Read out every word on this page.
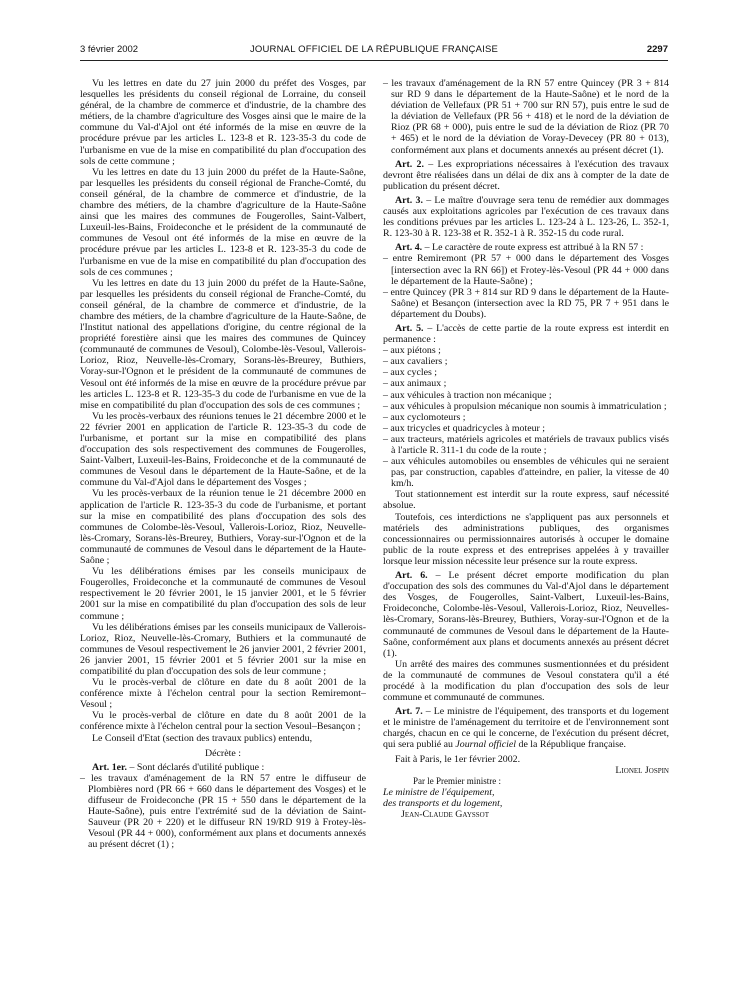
3 février 2002	JOURNAL OFFICIEL DE LA RÉPUBLIQUE FRANÇAISE	2297

Vu les lettres en date du 27 juin 2000 du préfet des Vosges, par lesquelles les présidents du conseil régional de Lorraine, du conseil général, de la chambre de commerce et d'industrie, de la chambre des métiers, de la chambre d'agriculture des Vosges ainsi que le maire de la commune du Val-d'Ajol ont été informés de la mise en œuvre de la procédure prévue par les articles L. 123-8 et R. 123-35-3 du code de l'urbanisme en vue de la mise en compatibilité du plan d'occupation des sols de cette commune ;

Vu les lettres en date du 13 juin 2000 du préfet de la Haute-Saône, par lesquelles les présidents du conseil régional de Franche-Comté, du conseil général, de la chambre de commerce et d'industrie, de la chambre des métiers, de la chambre d'agriculture de la Haute-Saône ainsi que les maires des communes de Fougerolles, Saint-Valbert, Luxeuil-les-Bains, Froideconche et le président de la communauté de communes de Vesoul ont été informés de la mise en œuvre de la procédure prévue par les articles L. 123-8 et R. 123-35-3 du code de l'urbanisme en vue de la mise en compatibilité du plan d'occupation des sols de ces communes ;

Vu les lettres en date du 13 juin 2000 du préfet de la Haute-Saône, par lesquelles les présidents du conseil régional de Franche-Comté, du conseil général, de la chambre de commerce et d'industrie, de la chambre des métiers, de la chambre d'agriculture de la Haute-Saône, de l'Institut national des appellations d'origine, du centre régional de la propriété forestière ainsi que les maires des communes de Quincey (communauté de communes de Vesoul), Colombe-lès-Vesoul, Vallerois-Lorioz, Rioz, Neuvelle-lès-Cromary, Sorans-lès-Breurey, Buthiers, Voray-sur-l'Ognon et le président de la communauté de communes de Vesoul ont été informés de la mise en œuvre de la procédure prévue par les articles L. 123-8 et R. 123-35-3 du code de l'urbanisme en vue de la mise en compatibilité du plan d'occupation des sols de ces communes ;

Vu les procès-verbaux des réunions tenues le 21 décembre 2000 et le 22 février 2001 en application de l'article R. 123-35-3 du code de l'urbanisme, et portant sur la mise en compatibilité des plans d'occupation des sols respectivement des communes de Fougerolles, Saint-Valbert, Luxeuil-les-Bains, Froideconche et de la communauté de communes de Vesoul dans le département de la Haute-Saône, et de la commune du Val-d'Ajol dans le département des Vosges ;

Vu les procès-verbaux de la réunion tenue le 21 décembre 2000 en application de l'article R. 123-35-3 du code de l'urbanisme, et portant sur la mise en compatibilité des plans d'occupation des sols des communes de Colombe-lès-Vesoul, Vallerois-Lorioz, Rioz, Neuvelle-lès-Cromary, Sorans-lès-Breurey, Buthiers, Voray-sur-l'Ognon et de la communauté de communes de Vesoul dans le département de la Haute-Saône ;

Vu les délibérations émises par les conseils municipaux de Fougerolles, Froideconche et la communauté de communes de Vesoul respectivement le 20 février 2001, le 15 janvier 2001, et le 5 février 2001 sur la mise en compatibilité du plan d'occupation des sols de leur commune ;

Vu les délibérations émises par les conseils municipaux de Vallerois-Lorioz, Rioz, Neuvelle-lès-Cromary, Buthiers et la communauté de communes de Vesoul respectivement le 26 janvier 2001, 2 février 2001, 26 janvier 2001, 15 février 2001 et 5 février 2001 sur la mise en compatibilité du plan d'occupation des sols de leur commune ;

Vu le procès-verbal de clôture en date du 8 août 2001 de la conférence mixte à l'échelon central pour la section Remiremont–Vesoul ;

Vu le procès-verbal de clôture en date du 8 août 2001 de la conférence mixte à l'échelon central pour la section Vesoul–Besançon ;

Le Conseil d'Etat (section des travaux publics) entendu,

Décrète :

Art. 1er. – Sont déclarés d'utilité publique :

– les travaux d'aménagement de la RN 57 entre le diffuseur de Plombières nord (PR 66 + 660 dans le département des Vosges) et le diffuseur de Froideconche (PR 15 + 550 dans le département de la Haute-Saône), puis entre l'extrémité sud de la déviation de Saint-Sauveur (PR 20 + 220) et le diffuseur RN 19/RD 919 à Frotey-lès-Vesoul (PR 44 + 000), conformément aux plans et documents annexés au présent décret (1) ;

– les travaux d'aménagement de la RN 57 entre Quincey (PR 3 + 814 sur RD 9 dans le département de la Haute-Saône) et le nord de la déviation de Vellefaux (PR 51 + 700 sur RN 57), puis entre le sud de la déviation de Vellefaux (PR 56 + 418) et le nord de la déviation de Rioz (PR 68 + 000), puis entre le sud de la déviation de Rioz (PR 70 + 465) et le nord de la déviation de Voray-Devecey (PR 80 + 013), conformément aux plans et documents annexés au présent décret (1).

Art. 2. – Les expropriations nécessaires à l'exécution des travaux devront être réalisées dans un délai de dix ans à compter de la date de publication du présent décret.

Art. 3. – Le maître d'ouvrage sera tenu de remédier aux dommages causés aux exploitations agricoles par l'exécution de ces travaux dans les conditions prévues par les articles L. 123-24 à L. 123-26, L. 352-1, R. 123-30 à R. 123-38 et R. 352-1 à R. 352-15 du code rural.

Art. 4. – Le caractère de route express est attribué à la RN 57 :

– entre Remiremont (PR 57 + 000 dans le département des Vosges [intersection avec la RN 66]) et Frotey-lès-Vesoul (PR 44 + 000 dans le département de la Haute-Saône) ;

– entre Quincey (PR 3 + 814 sur RD 9 dans le département de la Haute-Saône) et Besançon (intersection avec la RD 75, PR 7 + 951 dans le département du Doubs).

Art. 5. – L'accès de cette partie de la route express est interdit en permanence :

– aux piétons ;

– aux cavaliers ;

– aux cycles ;

– aux animaux ;

– aux véhicules à traction non mécanique ;

– aux véhicules à propulsion mécanique non soumis à immatriculation ;

– aux cyclomoteurs ;

– aux tricycles et quadricycles à moteur ;

– aux tracteurs, matériels agricoles et matériels de travaux publics visés à l'article R. 311-1 du code de la route ;

– aux véhicules automobiles ou ensembles de véhicules qui ne seraient pas, par construction, capables d'atteindre, en palier, la vitesse de 40 km/h.

Tout stationnement est interdit sur la route express, sauf nécessité absolue.

Toutefois, ces interdictions ne s'appliquent pas aux personnels et matériels des administrations publiques, des organismes concessionnaires ou permissionnaires autorisés à occuper le domaine public de la route express et des entreprises appelées à y travailler lorsque leur mission nécessite leur présence sur la route express.

Art. 6. – Le présent décret emporte modification du plan d'occupation des sols des communes du Val-d'Ajol dans le département des Vosges, de Fougerolles, Saint-Valbert, Luxeuil-les-Bains, Froideconche, Colombe-lès-Vesoul, Vallerois-Lorioz, Rioz, Neuvelles-lès-Cromary, Sorans-lès-Breurey, Buthiers, Voray-sur-l'Ognon et de la communauté de communes de Vesoul dans le département de la Haute-Saône, conformément aux plans et documents annexés au présent décret (1).

Un arrêté des maires des communes susmentionnées et du président de la communauté de communes de Vesoul constatera qu'il a été procédé à la modification du plan d'occupation des sols de leur commune et communauté de communes.

Art. 7. – Le ministre de l'équipement, des transports et du logement et le ministre de l'aménagement du territoire et de l'environnement sont chargés, chacun en ce qui le concerne, de l'exécution du présent décret, qui sera publié au Journal officiel de la République française.

Fait à Paris, le 1er février 2002.

Lionel Jospin

Par le Premier ministre :

Le ministre de l'équipement,

des transports et du logement,

Jean-Claude Gayssot
